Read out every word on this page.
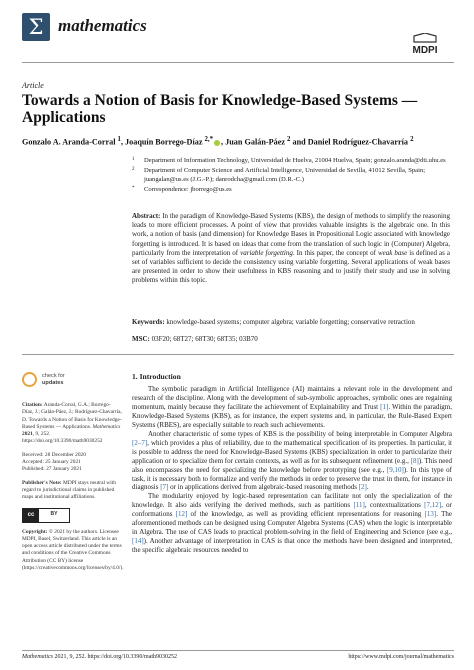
Σ mathematics
MDPI
Article
Towards a Notion of Basis for Knowledge-Based Systems — Applications
Gonzalo A. Aranda-Corral $^1$, Joaquín Borrego-Díaz $^{2,*}$ , Juan Galán-Páez $^2$ and Daniel Rodríguez-Chavarría $^2$
1 Department of Information Technology, Universidad de Huelva, 21004 Huelva, Spain; gonzalo.aranda@dti.uhu.es
2 Department of Computer Science and Artificial Intelligence, Universidad de Sevilla, 41012 Sevilla, Spain; juangalan@us.es (J.G.-P.); danrodcha@gmail.com (D.R.-C.)
* Correspondence: jborrego@us.es
Abstract: In the paradigm of Knowledge-Based Systems (KBS), the design of methods to simplify the reasoning leads to more efficient processes. A point of view that provides valuable insights is the algebraic one. In this work, a notion of basis (and dimension) for Knowledge Bases in Propositional Logic associated with knowledge forgetting is introduced. It is based on ideas that come from the translation of such logic in (Computer) Algebra, particularly from the interpretation of variable forgetting. In this paper, the concept of weak base is defined as a set of variables sufficient to decide the consistency using variable forgetting. Several applications of weak bases are presented in order to show their usefulness in KBS reasoning and to justify their study and use in solving problems within this topic.
Keywords: knowledge-based systems; computer algebra; variable forgetting; conservative retraction
MSC: 03F20; 68T27; 68T30; 68T35; 03B70
check for
updates

Citation: Aranda-Corral, G.A.; Borrego-Díaz, J.; Galán-Páez, J.; Rodríguez-Chavarría, D. Towards a Notion of Basis for Knowledge-Based Systems — Applications. Mathematics 2021, 9, 252. https://doi.org/10.3390/math9030252

Received: 28 December 2020
Accepted: 25 January 2021

Published: 27 January 2021

Publisher's Note: MDPI stays neutral with regard to jurisdictional claims in published maps and institutional affiliations.

cc	BY

Copyright: © 2021 by the authors. Licensee MDPI, Basel, Switzerland. This article is an open access article distributed under the terms and conditions of the Creative Commons Attribution (CC BY) license (https://creativecommons.org/licenses/by/4.0/).

1. Introduction

The symbolic paradigm in Artificial Intelligence (AI) maintains a relevant role in the development and research of the discipline. Along with the development of sub-symbolic approaches, symbolic ones are regaining momentum, mainly because they facilitate the achievement of Explainability and Trust [1]. Within the paradigm, Knowledge-Based Systems (KBS), as for instance, the expert systems and, in particular, the Rule-Based Expert Systems (RBES), are especially suitable to reach such achievements.

Another characteristic of some types of KBS is the possibility of being interpretable in Computer Algebra [2–7], which provides a plus of reliability, due to the mathematical specification of its properties. In particular, it is possible to address the need for Knowledge-Based Systems (KBS) specialization in order to particularize their application or to specialize them for certain contexts, as well as for its subsequent refinement (e.g., [8]). This need also encompasses the need for specializing the knowledge before prototyping (see e.g., [9,10]). In this type of task, it is necessary both to formalize and verify the methods in order to preserve the trust in them, for instance in diagnosis [7] or in applications derived from algebraic-based reasoning methods [2].

The modularity enjoyed by logic-based representation can facilitate not only the specialization of the knowledge. It also aids verifying the derived methods, such as partitions [11], contextualizations [7,12], or conformations [12] of the knowledge, as well as providing efficient representations for reasoning [13]. The aforementioned methods can be designed using Computer Algebra Systems (CAS) when the logic is interpretable in Algebra. The use of CAS leads to practical problem-solving in the field of Engineering and Science (see e.g., [14]). Another advantage of interpretation in CAS is that once the methods have been designed and interpreted, the specific algebraic resources needed to

Mathematics 2021, 9, 252. https://doi.org/10.3390/math9030252	https://www.mdpi.com/journal/mathematics
